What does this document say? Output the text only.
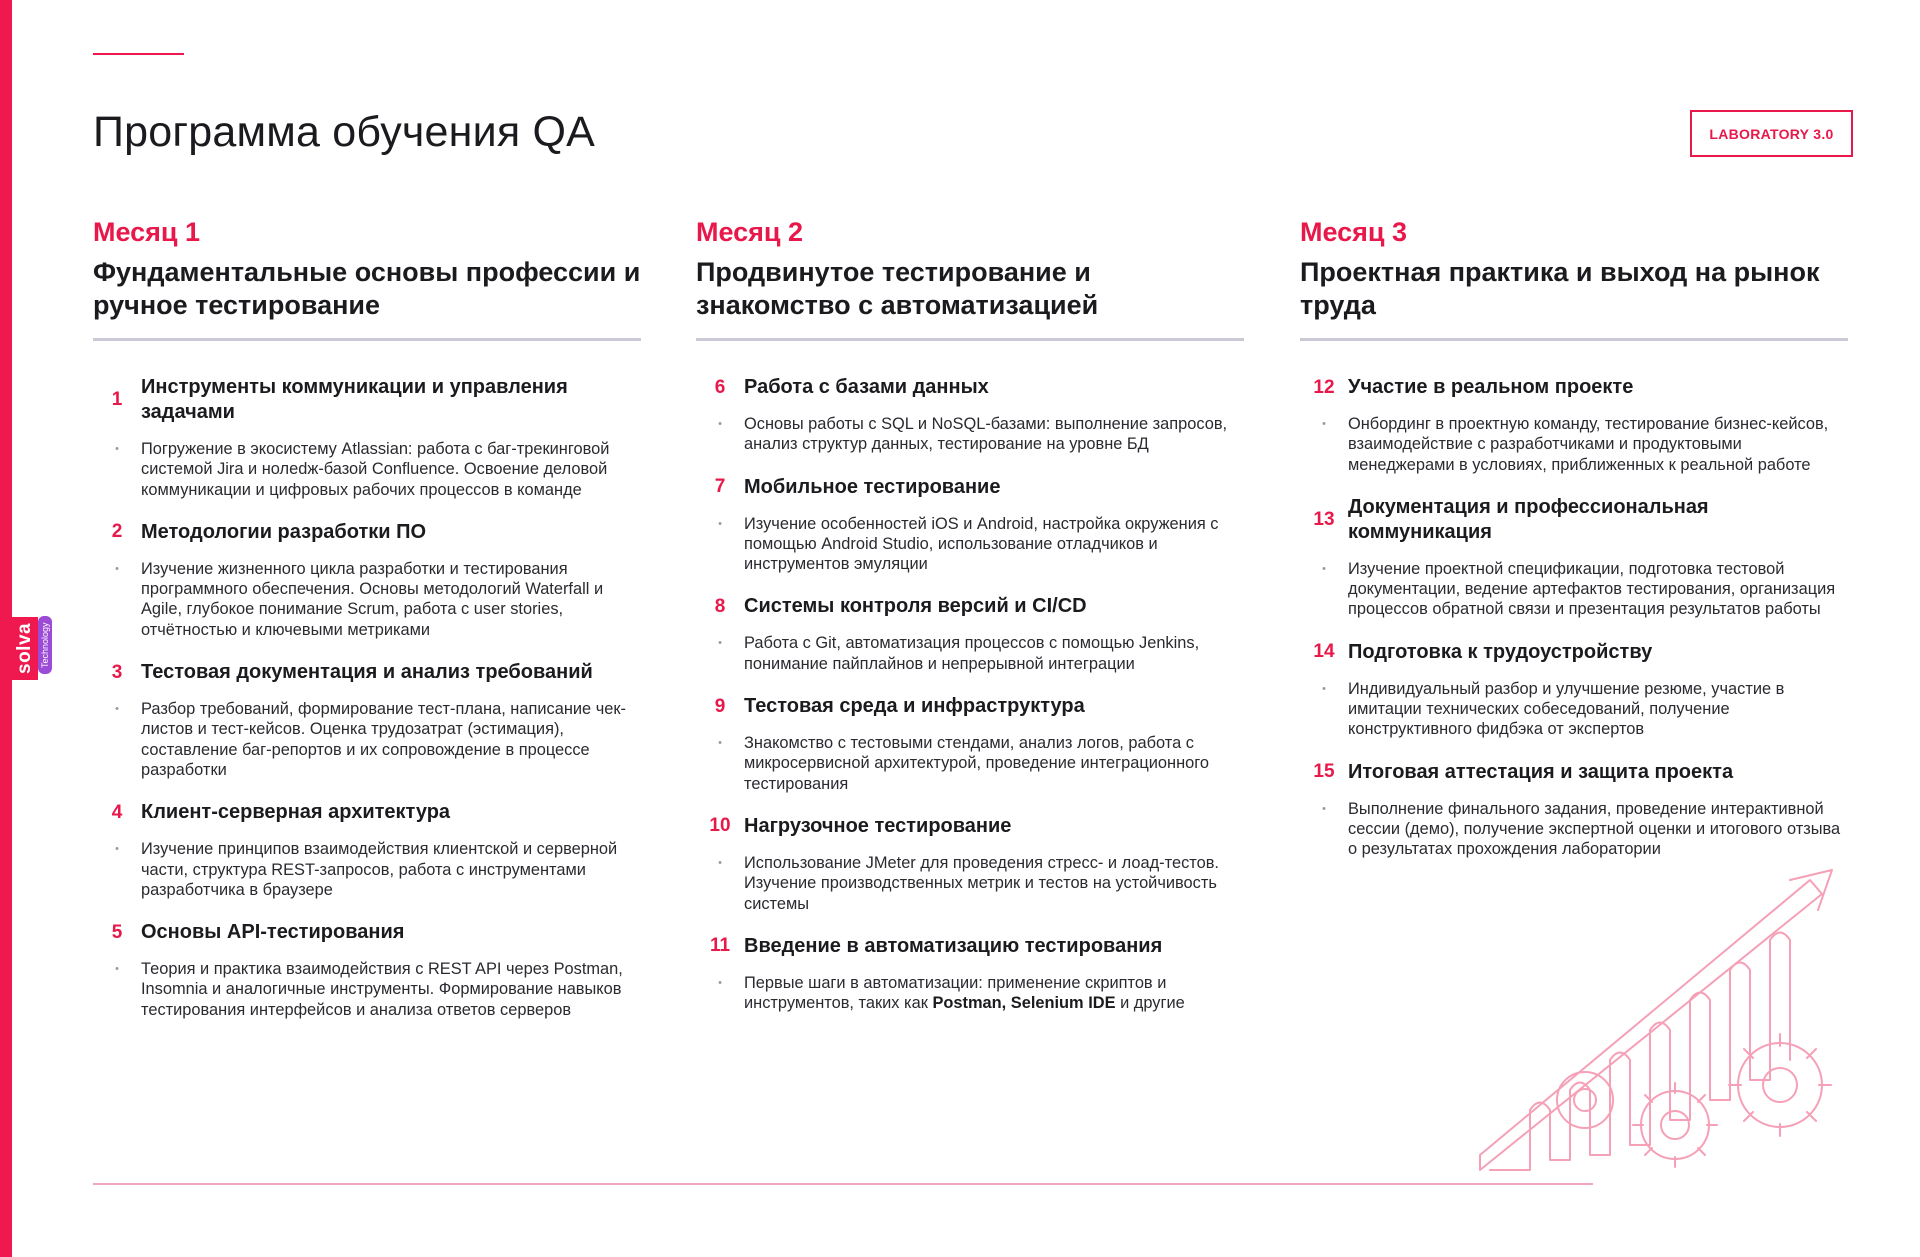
solva Technology
Программа обучения QA	LABORATORY 3.0
Месяц 1
Фундаментальные основы профессии и ручное тестирование
1
Инструменты коммуникации и управления задачами
•	Погружение в экосистему Atlassian: работа с баг-трекинговой системой Jira и нолedж-базой Confluence. Освоение деловой коммуникации и цифровых рабочих процессов в команде
2 Методологии разработки ПО
•	Изучение жизненного цикла разработки и тестирования программного обеспечения. Основы методологий Waterfall и Agile, глубокое понимание Scrum, работа с user stories, отчётностью и ключевыми метриками
3 Тестовая документация и анализ требований
•	Разбор требований, формирование тест-плана, написание чек-листов и тест-кейсов. Оценка трудозатрат (эстимация), составление баг-репортов и их сопровождение в процессе разработки
4 Клиент-серверная архитектура
•	Изучение принципов взаимодействия клиентской и серверной части, структура REST-запросов, работа с инструментами разработчика в браузере
5 Основы API-тестирования
•	Теория и практика взаимодействия с REST API через Postman, Insomnia и аналогичные инструменты. Формирование навыков тестирования интерфейсов и анализа ответов серверов
Месяц 2
Продвинутое тестирование и знакомство с автоматизацией
6 Работа с базами данных
•	Основы работы с SQL и NoSQL-базами: выполнение запросов, анализ структур данных, тестирование на уровне БД
7 Мобильное тестирование
•	Изучение особенностей iOS и Android, настройка окружения с помощью Android Studio, использование отладчиков и инструментов эмуляции
8 Системы контроля версий и CI/CD
•	Работа с Git, автоматизация процессов с помощью Jenkins, понимание пайплайнов и непрерывной интеграции
9 Тестовая среда и инфраструктура
•	Знакомство с тестовыми стендами, анализ логов, работа с микросервисной архитектурой, проведение интеграционного тестирования
10 Нагрузочное тестирование
•	Использование JMeter для проведения стресс- и лоад-тестов. Изучение производственных метрик и тестов на устойчивость системы
11 Введение в автоматизацию тестирования
•	Первые шаги в автоматизации: применение скриптов и инструментов, таких как Postman, Selenium IDE и другие
Месяц 3
Проектная практика и выход на рынок труда
12 Участие в реальном проекте
•	Онбординг в проектную команду, тестирование бизнес-кейсов, взаимодействие с разработчиками и продуктовыми менеджерами в условиях, приближенных к реальной работе
13
Документация и профессиональная коммуникация
•	Изучение проектной спецификации, подготовка тестовой документации, ведение артефактов тестирования, организация процессов обратной связи и презентация результатов работы
14 Подготовка к трудоустройству
•	Индивидуальный разбор и улучшение резюме, участие в имитации технических собеседований, получение конструктивного фидбэка от экспертов
15 Итоговая аттестация и защита проекта
•	Выполнение финального задания, проведение интерактивной сессии (демо), получение экспертной оценки и итогового отзыва о результатах прохождения лаборатории
